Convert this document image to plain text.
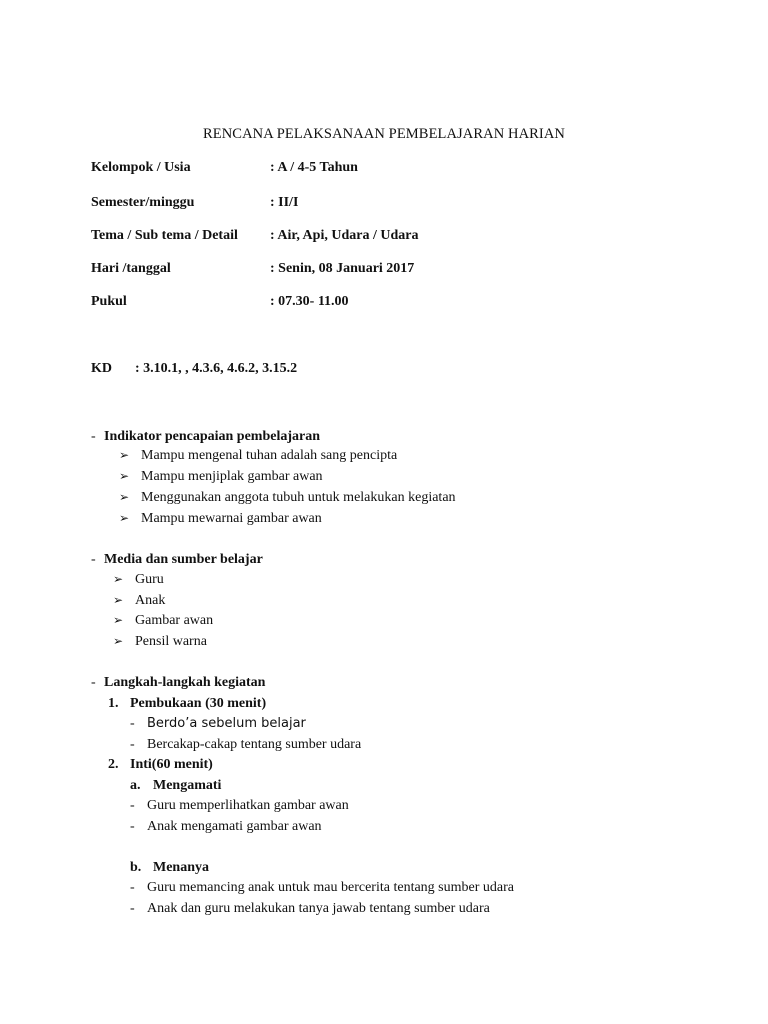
RENCANA PELAKSANAAN PEMBELAJARAN HARIAN
Kelompok / Usia	: A / 4-5 Tahun
Semester/minggu	: II/I
Tema / Sub tema / Detail : Air, Api, Udara / Udara
Hari /tanggal	: Senin, 08 Januari 2017
Pukul	: 07.30- 11.00
KD : 3.10.1, , 4.3.6, 4.6.2, 3.15.2
- Indikator pencapaian pembelajaran
➢ Mampu mengenal tuhan adalah sang pencipta
➢ Mampu menjiplak gambar awan
➢ Menggunakan anggota tubuh untuk melakukan kegiatan
➢ Mampu mewarnai gambar awan
- Media dan sumber belajar
➢ Guru
➢ Anak
➢ Gambar awan
➢ Pensil warna
- Langkah-langkah kegiatan
1. Pembukaan (30 menit)
- Berdo’a sebelum belajar
- Bercakap-cakap tentang sumber udara
2. Inti(60 menit)
a. Mengamati
- Guru memperlihatkan gambar awan
- Anak mengamati gambar awan
b. Menanya
- Guru memancing anak untuk mau bercerita tentang sumber udara
- Anak dan guru melakukan tanya jawab tentang sumber udara
